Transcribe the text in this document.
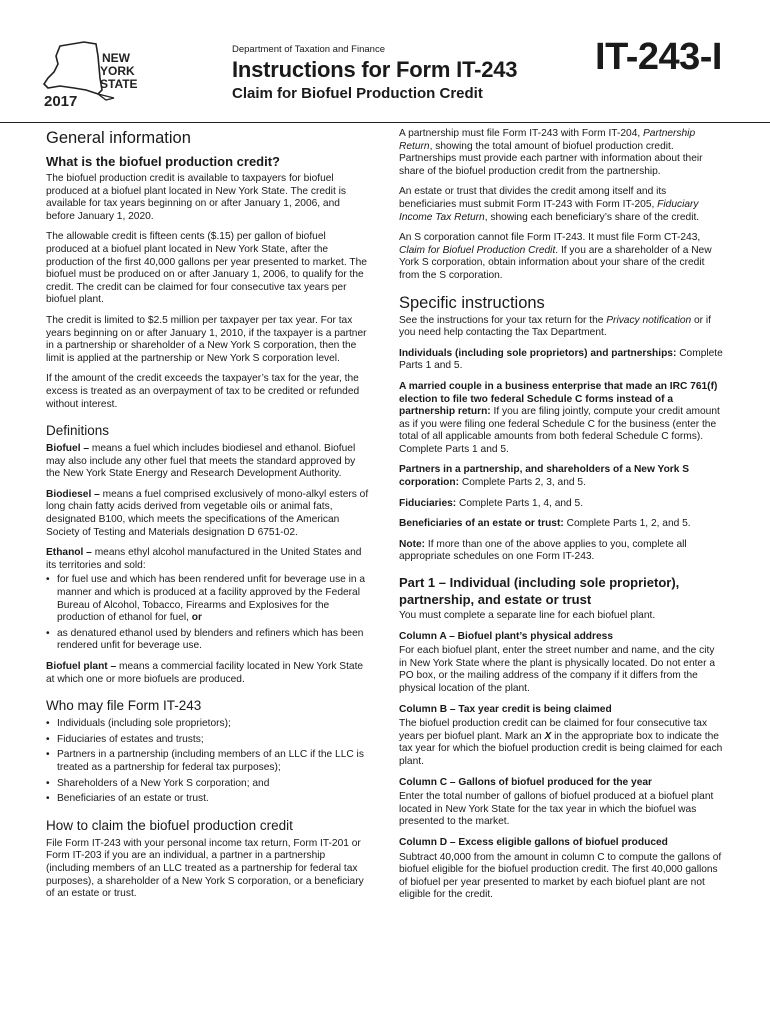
NEW
YORK
STATE
2017
Department of Taxation and Finance
Instructions for Form IT-243
Claim for Biofuel Production Credit
IT-243-I
General information
What is the biofuel production credit?

The biofuel production credit is available to taxpayers for biofuel produced at a biofuel plant located in New York State. The credit is available for tax years beginning on or after January 1, 2006, and before January 1, 2020.

The allowable credit is fifteen cents ($.15) per gallon of biofuel produced at a biofuel plant located in New York State, after the production of the first 40,000 gallons per year presented to market. The biofuel must be produced on or after January 1, 2006, to qualify for the credit. The credit can be claimed for four consecutive tax years per biofuel plant.

The credit is limited to $2.5 million per taxpayer per tax year. For tax years beginning on or after January 1, 2010, if the taxpayer is a partner in a partnership or shareholder of a New York S corporation, then the limit is applied at the partnership or New York S corporation level.

If the amount of the credit exceeds the taxpayer’s tax for the year, the excess is treated as an overpayment of tax to be credited or refunded without interest.

Definitions

Biofuel – means a fuel which includes biodiesel and ethanol. Biofuel may also include any other fuel that meets the standard approved by the New York State Energy and Research Development Authority.

Biodiesel – means a fuel comprised exclusively of mono-alkyl esters of long chain fatty acids derived from vegetable oils or animal fats, designated B100, which meets the specifications of the American Society of Testing and Materials designation D 6751-02.

Ethanol – means ethyl alcohol manufactured in the United States and its territories and sold:

• for fuel use and which has been rendered unfit for beverage use in a manner and which is produced at a facility approved by the Federal Bureau of Alcohol, Tobacco, Firearms and Explosives for the production of ethanol for fuel, or
• as denatured ethanol used by blenders and refiners which has been rendered unfit for beverage use.

Biofuel plant – means a commercial facility located in New York State at which one or more biofuels are produced.

Who may file Form IT-243
• Individuals (including sole proprietors);
• Fiduciaries of estates and trusts;
• Partners in a partnership (including members of an LLC if the LLC is treated as a partnership for federal tax purposes);
• Shareholders of a New York S corporation; and
• Beneficiaries of an estate or trust.
How to claim the biofuel production credit

File Form IT-243 with your personal income tax return, Form IT-201 or Form IT-203 if you are an individual, a partner in a partnership (including members of an LLC treated as a partnership for federal tax purposes), a shareholder of a New York S corporation, or a beneficiary of an estate or trust.

A partnership must file Form IT-243 with Form IT-204, Partnership Return, showing the total amount of biofuel production credit. Partnerships must provide each partner with information about their share of the biofuel production credit from the partnership.

An estate or trust that divides the credit among itself and its beneficiaries must submit Form IT-243 with Form IT-205, Fiduciary Income Tax Return, showing each beneficiary’s share of the credit.

An S corporation cannot file Form IT-243. It must file Form CT-243, Claim for Biofuel Production Credit. If you are a shareholder of a New York S corporation, obtain information about your share of the credit from the S corporation.

Specific instructions

See the instructions for your tax return for the Privacy notification or if you need help contacting the Tax Department.

Individuals (including sole proprietors) and partnerships: Complete Parts 1 and 5.

A married couple in a business enterprise that made an IRC 761(f) election to file two federal Schedule C forms instead of a partnership return: If you are filing jointly, compute your credit amount as if you were filing one federal Schedule C for the business (enter the total of all applicable amounts from both federal Schedule C forms). Complete Parts 1 and 5.

Partners in a partnership, and shareholders of a New York S corporation: Complete Parts 2, 3, and 5.

Fiduciaries: Complete Parts 1, 4, and 5.

Beneficiaries of an estate or trust: Complete Parts 1, 2, and 5.

Note: If more than one of the above applies to you, complete all appropriate schedules on one Form IT-243.

Part 1 – Individual (including sole proprietor), partnership, and estate or trust

You must complete a separate line for each biofuel plant.

Column A – Biofuel plant’s physical address

For each biofuel plant, enter the street number and name, and the city in New York State where the plant is physically located. Do not enter a PO box, or the mailing address of the company if it differs from the physical location of the plant.

Column B – Tax year credit is being claimed

The biofuel production credit can be claimed for four consecutive tax years per biofuel plant. Mark an X in the appropriate box to indicate the tax year for which the biofuel production credit is being claimed for each plant.

Column C – Gallons of biofuel produced for the year

Enter the total number of gallons of biofuel produced at a biofuel plant located in New York State for the tax year in which the biofuel was presented to the market.

Column D – Excess eligible gallons of biofuel produced

Subtract 40,000 from the amount in column C to compute the gallons of biofuel eligible for the biofuel production credit. The first 40,000 gallons of biofuel per year presented to market by each biofuel plant are not eligible for the credit.
